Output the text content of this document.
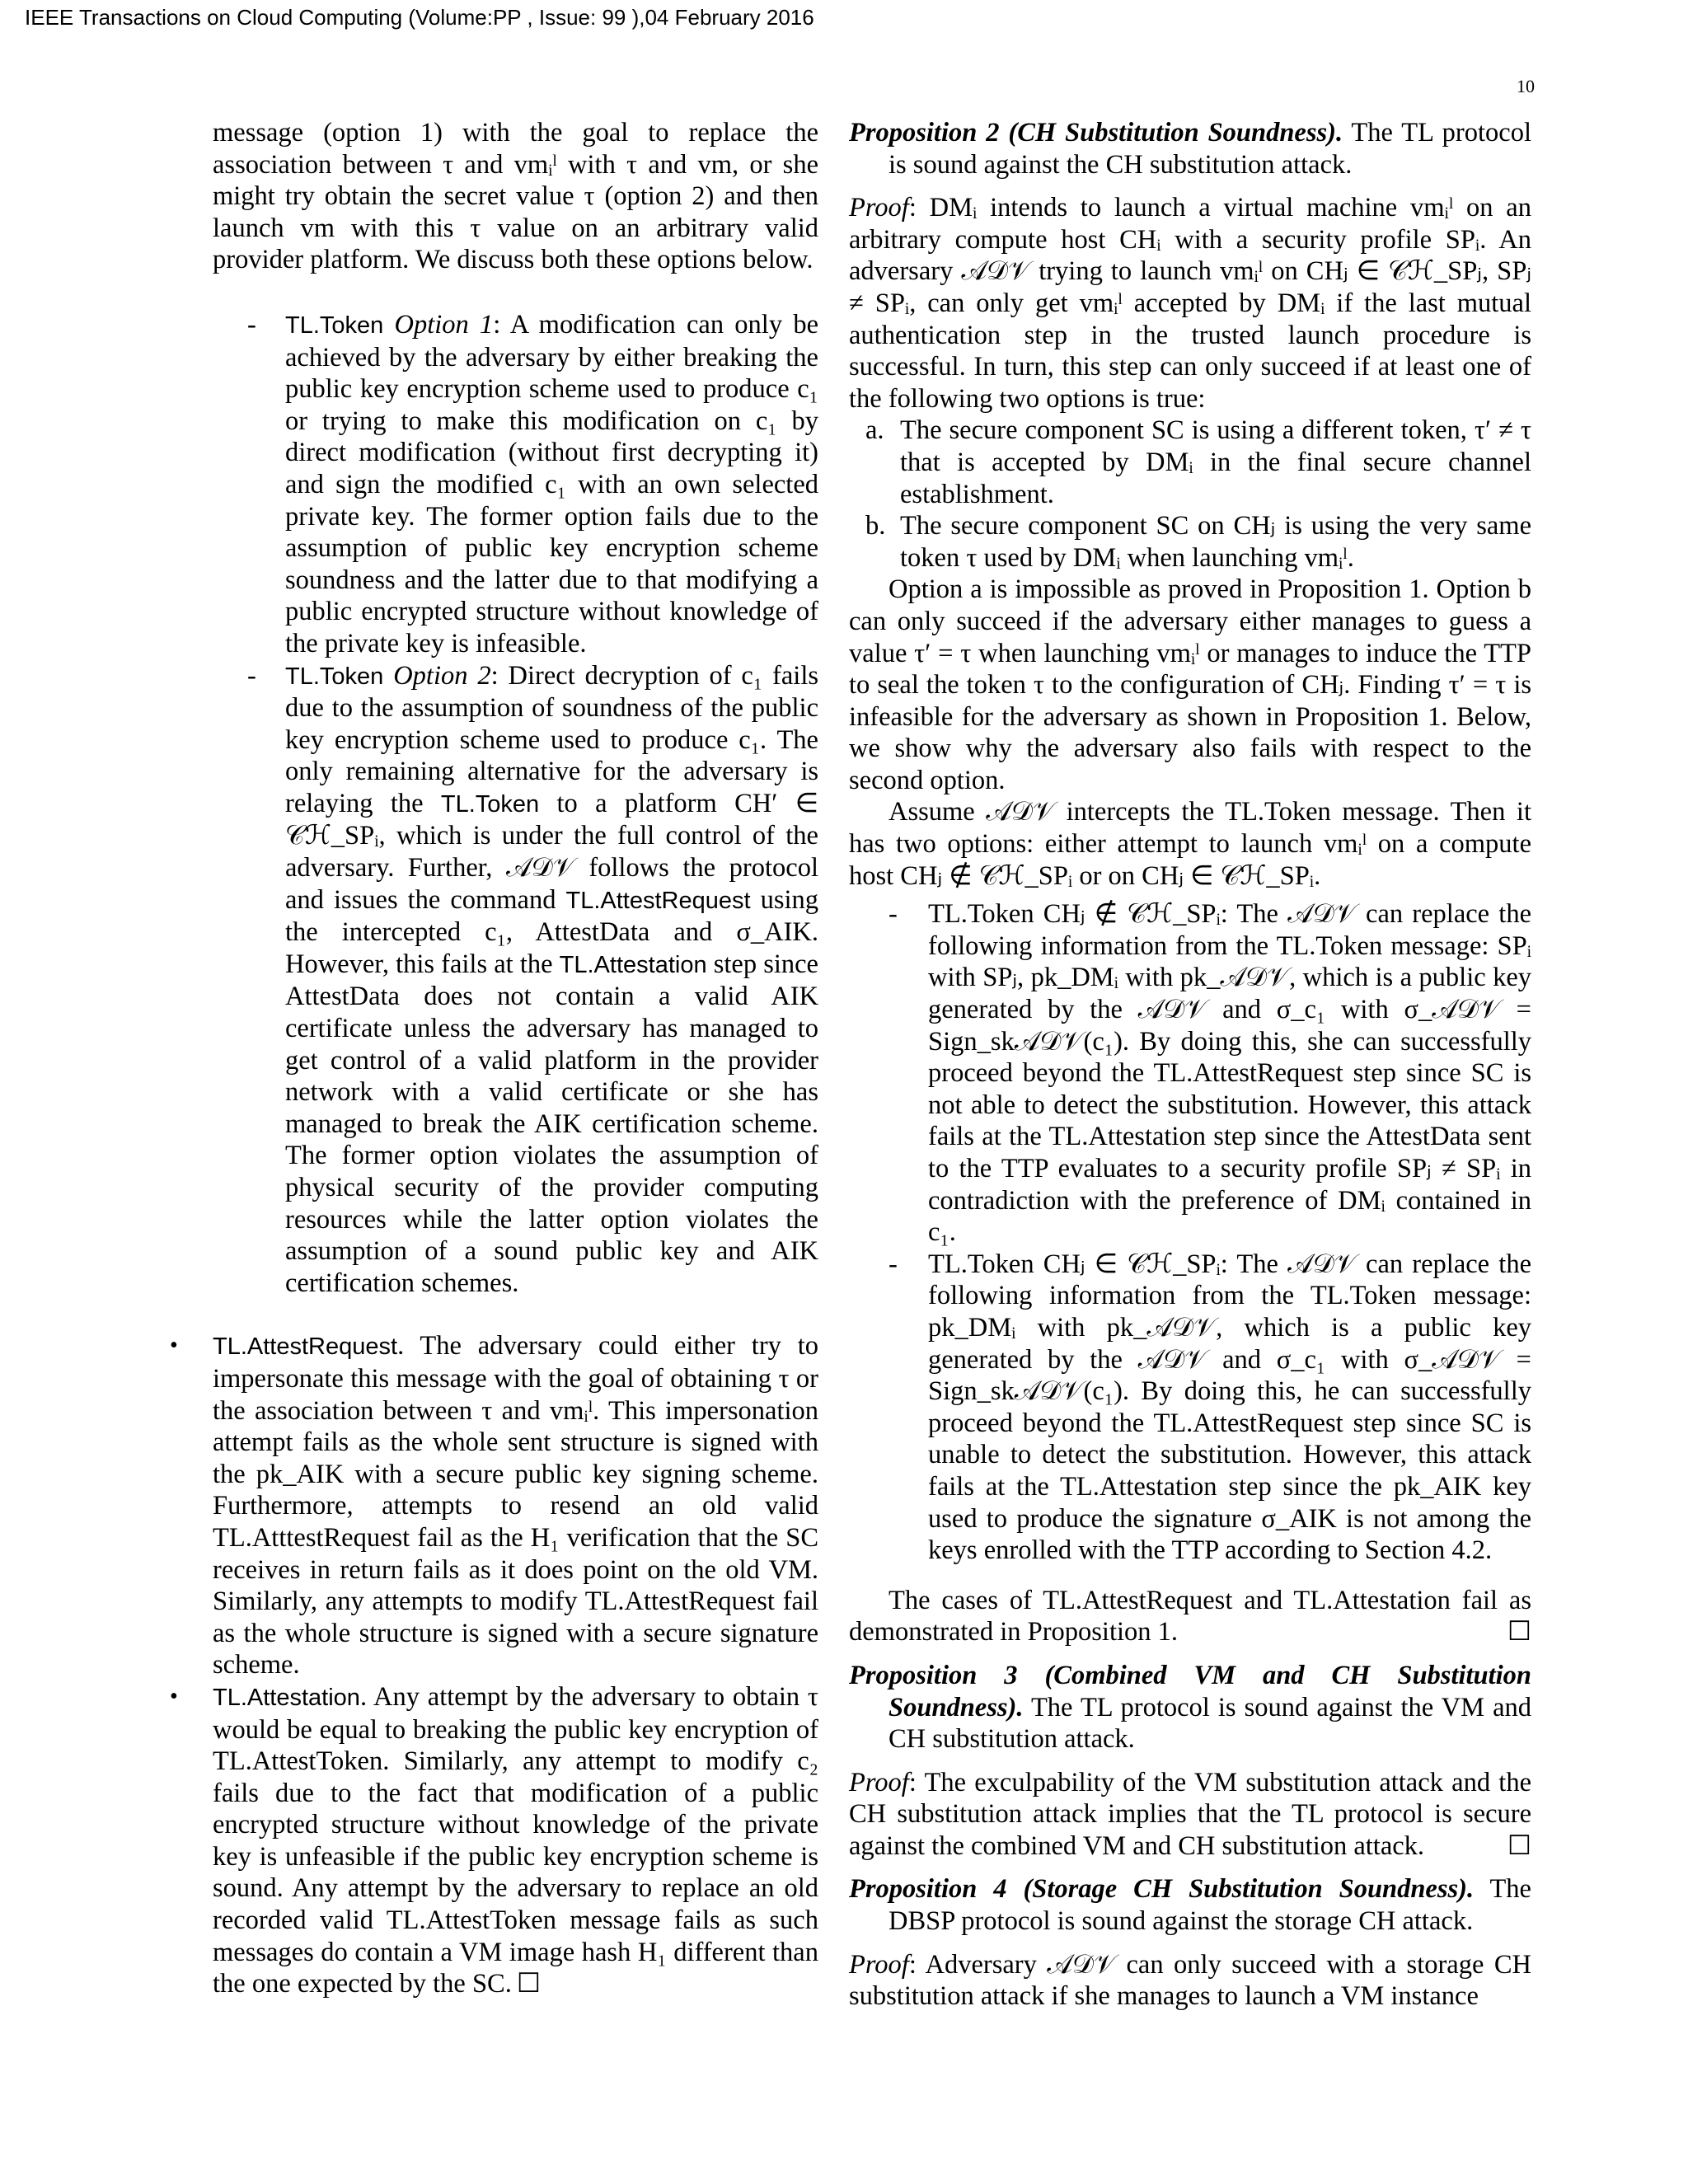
IEEE Transactions on Cloud Computing (Volume:PP , Issue: 99 ),04 February 2016
10

message (option 1) with the goal to replace the association between τ and vmᵢˡ with τ and vm, or she might try obtain the secret value τ (option 2) and then launch vm with this τ value on an arbitrary valid provider platform. We discuss both these options below.

- TL.Token Option 1: A modification can only be achieved by the adversary by either breaking the public key encryption scheme used to produce c₁ or trying to make this modification on c₁ by direct modification (without first decrypting it) and sign the modified c₁ with an own selected private key. The former option fails due to the assumption of public key encryption scheme soundness and the latter due to that modifying a public encrypted structure without knowledge of the private key is infeasible.
- TL.Token Option 2: Direct decryption of c₁ fails due to the assumption of soundness of the public key encryption scheme used to produce c₁. The only remaining alternative for the adversary is relaying the TL.Token to a platform CH′ ∈ 𝒞ℋ_SPᵢ, which is under the full control of the adversary. Further, 𝒜𝒟𝒱 follows the protocol and issues the command TL.AttestRequest using the intercepted c₁, AttestData and σ_AIK. However, this fails at the TL.Attestation step since AttestData does not contain a valid AIK certificate unless the adversary has managed to get control of a valid platform in the provider network with a valid certificate or she has managed to break the AIK certification scheme. The former option violates the assumption of physical security of the provider computing resources while the latter option violates the assumption of a sound public key and AIK certification schemes.
• TL.AttestRequest. The adversary could either try to impersonate this message with the goal of obtaining τ or the association between τ and vmᵢˡ. This impersonation attempt fails as the whole sent structure is signed with the pk_AIK with a secure public key signing scheme. Furthermore, attempts to resend an old valid TL.AtttestRequest fail as the H₁ verification that the SC receives in return fails as it does point on the old VM. Similarly, any attempts to modify TL.AttestRequest fail as the whole structure is signed with a secure signature scheme.
• TL.Attestation. Any attempt by the adversary to obtain τ would be equal to breaking the public key encryption of TL.AttestToken. Similarly, any attempt to modify c₂ fails due to the fact that modification of a public encrypted structure without knowledge of the private key is unfeasible if the public key encryption scheme is sound. Any attempt by the adversary to replace an old recorded valid TL.AttestToken message fails as such messages do contain a VM image hash H₁ different than the one expected by the SC. ☐

Proposition 2 (CH Substitution Soundness). The TL protocol is sound against the CH substitution attack.

Proof: DMᵢ intends to launch a virtual machine vmᵢˡ on an arbitrary compute host CHᵢ with a security profile SPᵢ. An adversary 𝒜𝒟𝒱 trying to launch vmᵢˡ on CHⱼ ∈ 𝒞ℋ_SPⱼ, SPⱼ ≠ SPᵢ, can only get vmᵢˡ accepted by DMᵢ if the last mutual authentication step in the trusted launch procedure is successful. In turn, this step can only succeed if at least one of the following two options is true:

a. The secure component SC is using a different token, τ′ ≠ τ that is accepted by DMᵢ in the final secure channel establishment.
b. The secure component SC on CHⱼ is using the very same token τ used by DMᵢ when launching vmᵢˡ.

Option a is impossible as proved in Proposition 1. Option b can only succeed if the adversary either manages to guess a value τ′ = τ when launching vmᵢˡ or manages to induce the TTP to seal the token τ to the configuration of CHⱼ. Finding τ′ = τ is infeasible for the adversary as shown in Proposition 1. Below, we show why the adversary also fails with respect to the second option.

Assume 𝒜𝒟𝒱 intercepts the TL.Token message. Then it has two options: either attempt to launch vmᵢˡ on a compute host CHⱼ ∉ 𝒞ℋ_SPᵢ or on CHⱼ ∈ 𝒞ℋ_SPᵢ.

- TL.Token CHⱼ ∉ 𝒞ℋ_SPᵢ: The 𝒜𝒟𝒱 can replace the following information from the TL.Token message: SPᵢ with SPⱼ, pk_DMᵢ with pk_𝒜𝒟𝒱, which is a public key generated by the 𝒜𝒟𝒱 and σ_c₁ with σ_𝒜𝒟𝒱 = Sign_sk𝒜𝒟𝒱(c₁). By doing this, she can successfully proceed beyond the TL.AttestRequest step since SC is not able to detect the substitution. However, this attack fails at the TL.Attestation step since the AttestData sent to the TTP evaluates to a security profile SPⱼ ≠ SPᵢ in contradiction with the preference of DMᵢ contained in c₁.
- TL.Token CHⱼ ∈ 𝒞ℋ_SPᵢ: The 𝒜𝒟𝒱 can replace the following information from the TL.Token message: pk_DMᵢ with pk_𝒜𝒟𝒱, which is a public key generated by the 𝒜𝒟𝒱 and σ_c₁ with σ_𝒜𝒟𝒱 = Sign_sk𝒜𝒟𝒱(c₁). By doing this, he can successfully proceed beyond the TL.AttestRequest step since SC is unable to detect the substitution. However, this attack fails at the TL.Attestation step since the pk_AIK key used to produce the signature σ_AIK is not among the keys enrolled with the TTP according to Section 4.2.

The cases of TL.AttestRequest and TL.Attestation fail as demonstrated in Proposition 1.	☐

Proposition 3 (Combined VM and CH Substitution Soundness). The TL protocol is sound against the VM and CH substitution attack.

Proof: The exculpability of the VM substitution attack and the CH substitution attack implies that the TL protocol is secure against the combined VM and CH substitution attack.	☐

Proposition 4 (Storage CH Substitution Soundness). The DBSP protocol is sound against the storage CH attack.

Proof: Adversary 𝒜𝒟𝒱 can only succeed with a storage CH substitution attack if she manages to launch a VM instance
